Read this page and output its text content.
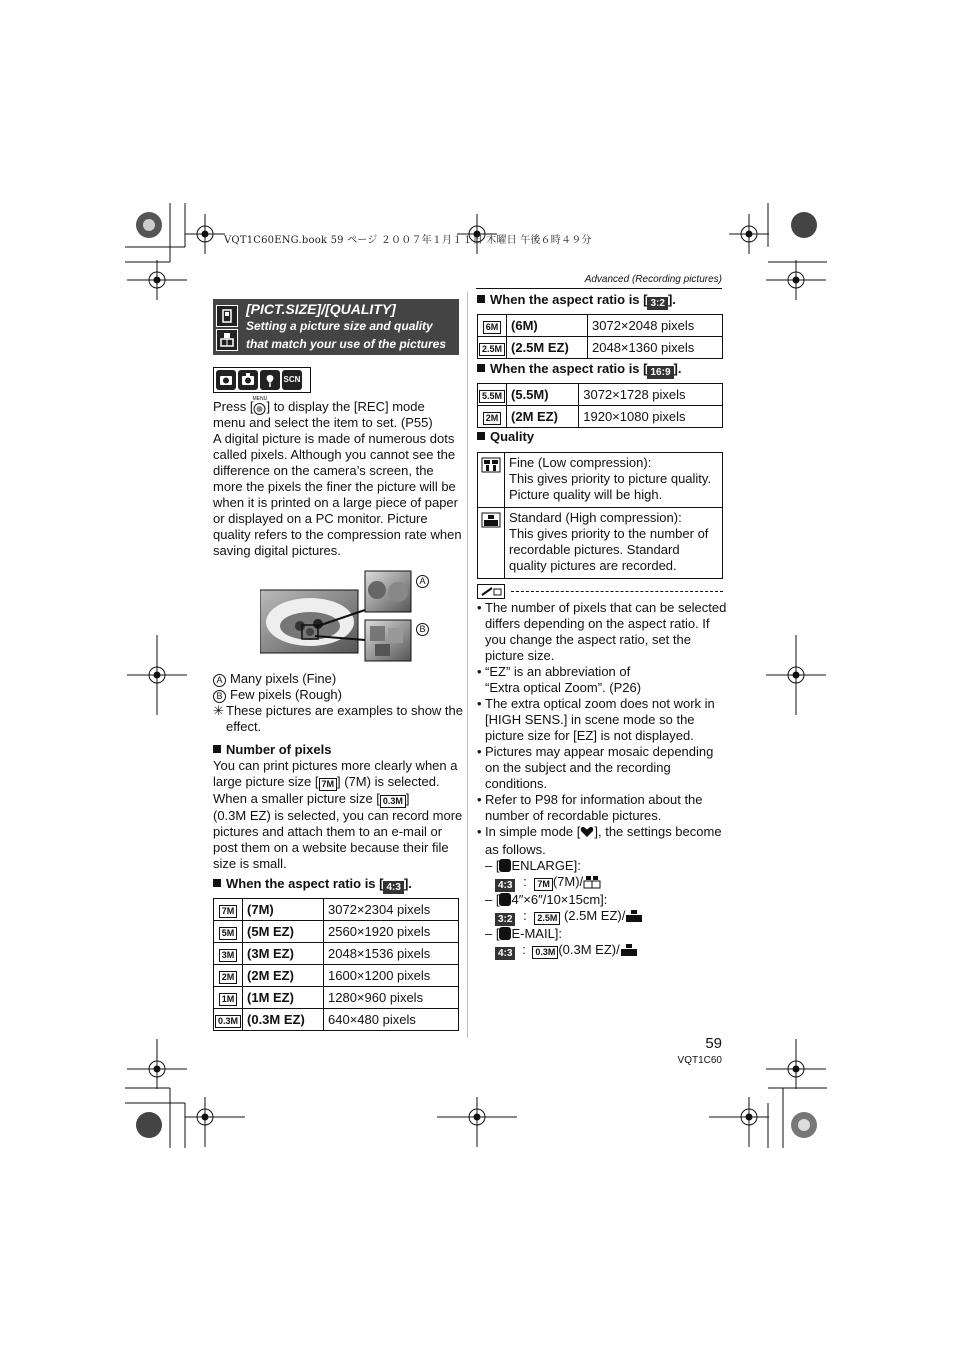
VQT1C60ENG.book 59 ページ ２００７年１月１１日 木曜日 午後６時４９分
Advanced (Recording pictures)
[PICT.SIZE]/[QUALITY]
Setting a picture size and quality
that match your use of the pictures
SCN
Press [ MENU ] to display the [REC] mode
menu and select the item to set. (P55)
A digital picture is made of numerous dots
called pixels. Although you cannot see the
difference on the camera’s screen, the
more the pixels the finer the picture will be
when it is printed on a large piece of paper
or displayed on a PC monitor. Picture
quality refers to the compression rate when
saving digital pictures.
A
B
A Many pixels (Fine)
B Few pixels (Rough)
✳ These pictures are examples to show the
effect.
Number of pixels
You can print pictures more clearly when a
large picture size [ 7M ] (7M) is selected.
When a smaller picture size [ 0.3M ]
(0.3M EZ) is selected, you can record more
pictures and attach them to an e-mail or
post them on a website because their file
size is small.
When the aspect ratio is [ 4:3 ].
7M	(7M)	3072×2304 pixels
5M	(5M EZ)	2560×1920 pixels
3M	(3M EZ)	2048×1536 pixels
2M	(2M EZ)	1600×1200 pixels
1M	(1M EZ)	1280×960 pixels
0.3M	(0.3M EZ)	640×480 pixels
When the aspect ratio is [ 3:2 ].
6M	(6M)	3072×2048 pixels
2.5M	(2.5M EZ)	2048×1360 pixels
When the aspect ratio is [ 16:9 ].
5.5M	(5.5M)	3072×1728 pixels
2M	(2M EZ)	1920×1080 pixels
Quality

Fine (Low compression):
This gives priority to picture quality.
Picture quality will be high.

Standard (High compression):
This gives priority to the number of
recordable pictures. Standard
quality pictures are recorded.
• The number of pixels that can be selected
differs depending on the aspect ratio. If
you change the aspect ratio, set the
picture size.
• “EZ” is an abbreviation of
“Extra optical Zoom”. (P26)
• The extra optical zoom does not work in
[HIGH SENS.] in scene mode so the
picture size for [EZ] is not displayed.
• Pictures may appear mosaic depending
on the subject and the recording
conditions.
• Refer to P98 for information about the
number of recordable pictures.
• In simple mode [ ], the settings become
as follows.
– [ ENLARGE]:
4:3 : 7M (7M)/
– [ 4″×6″/10×15cm]:
3:2 : 2.5M (2.5M EZ)/
– [ E-MAIL]:
4:3 : 0.3M (0.3M EZ)/
59
VQT1C60
